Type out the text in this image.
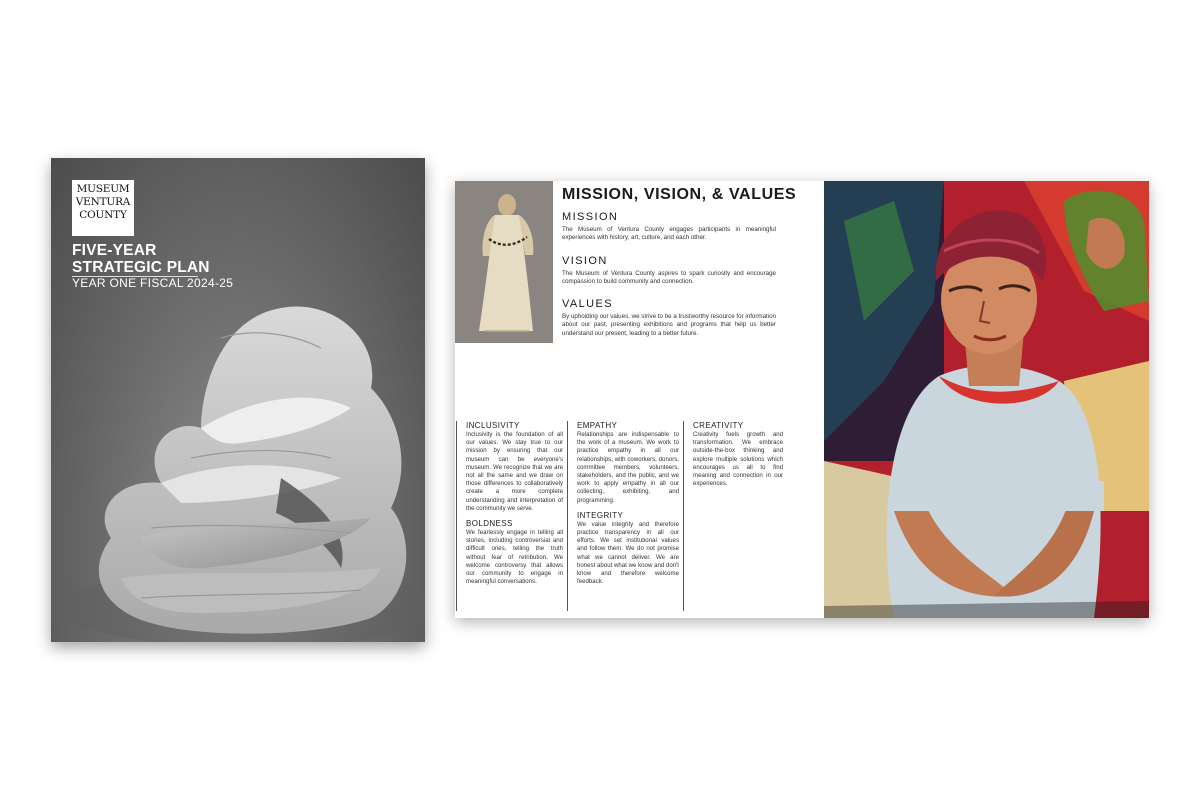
MUSEUM
VENTURA
COUNTY
FIVE-YEAR
STRATEGIC PLAN
YEAR ONE FISCAL 2024-25
MISSION, VISION, & VALUES
MISSION
The Museum of Ventura County engages participants in meaningful experiences with history, art, culture, and each other.
VISION
The Museum of Ventura County aspires to spark curiosity and encourage compassion to build community and connection.
VALUES
By upholding our values, we strive to be a trustworthy resource for information about our past, presenting exhibitions and programs that help us better understand our present, leading to a better future.
INCLUSIVITY
Inclusivity is the foundation of all our values. We stay true to our mission by ensuring that our museum can be everyone's museum. We recognize that we are not all the same and we draw on those differences to collaboratively create a more complete understanding and interpretation of the community we serve.
BOLDNESS
We fearlessly engage in telling all stories, including controversial and difficult ones, telling the truth without fear of retribution. We welcome controversy that allows our community to engage in meaningful conversations.
EMPATHY
Relationships are indispensable to the work of a museum. We work to practice empathy in all our relationships, with coworkers, donors, committee members, volunteers, stakeholders, and the public, and we work to apply empathy in all our collecting, exhibiting, and programming.
INTEGRITY
We value integrity and therefore practice transparency in all our efforts. We set institutional values and follow them. We do not promise what we cannot deliver. We are honest about what we know and don't know and therefore welcome feedback.
CREATIVITY
Creativity fuels growth and transformation. We embrace outside-the-box thinking and explore multiple solutions which encourages us all to find meaning and connection in our experiences.
